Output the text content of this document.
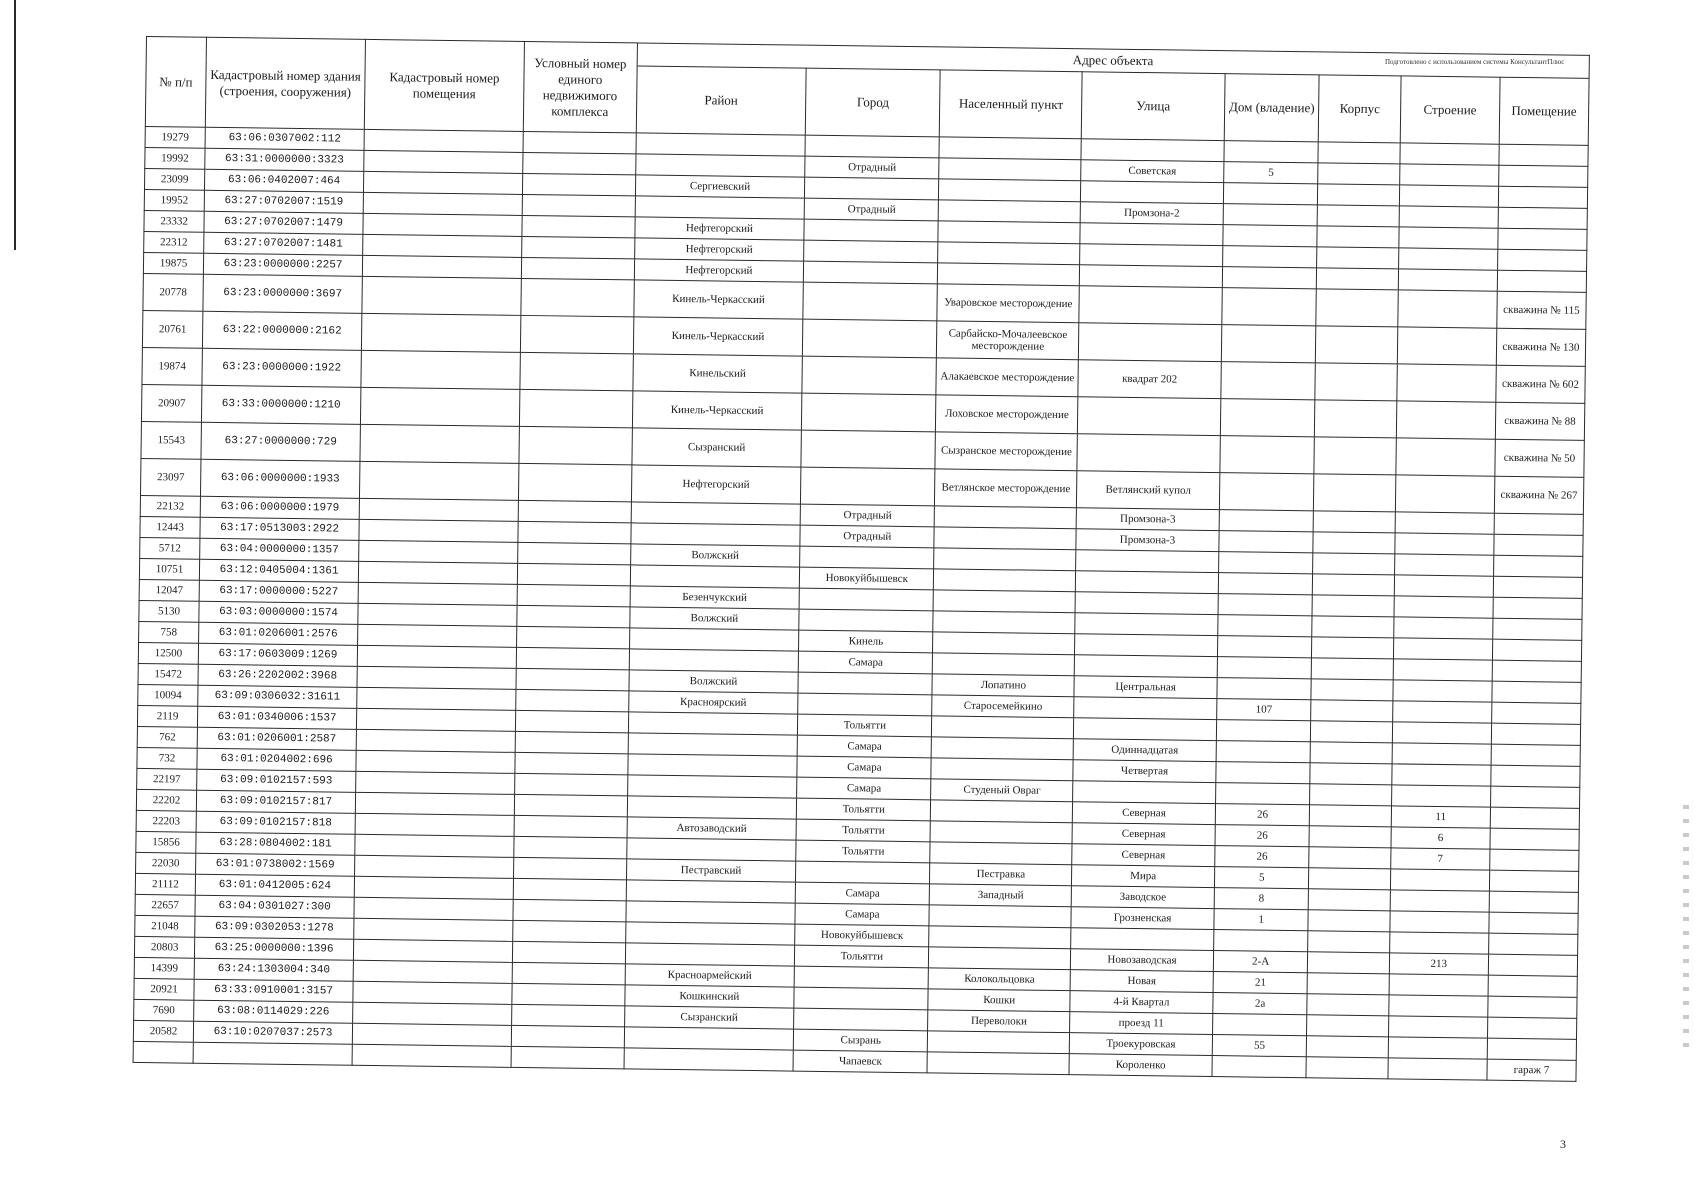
Подготовлено с использованием системы КонсультантПлюс
№ п/п	Кадастровый номер здания (строения, сооружения)	Кадастровый номер помещения	Условный номер единого недвижимого комплекса	Адрес объекта							
				Район	Город	Населенный пункт	Улица	Дом (владение)	Корпус	Строение	Помещение
19279	63:06:0307002:112										
19992	63:31:0000000:3323				Отрадный		Советская	5			
23099	63:06:0402007:464			Сергиевский							
19952	63:27:0702007:1519				Отрадный		Промзона-2				
23332	63:27:0702007:1479			Нефтегорский							
22312	63:27:0702007:1481			Нефтегорский							
19875	63:23:0000000:2257			Нефтегорский							
20778	63:23:0000000:3697			Кинель-Черкасский		Уваровское месторождение					скважина № 115
20761	63:22:0000000:2162			Кинель-Черкасский		Сарбайско-Мочалеевское месторождение					скважина № 130
19874	63:23:0000000:1922			Кинельский		Алакаевское месторождение	квадрат 202				скважина № 602
20907	63:33:0000000:1210			Кинель-Черкасский		Лоховское месторождение					скважина № 88
15543	63:27:0000000:729			Сызранский		Сызранское месторождение					скважина № 50
23097	63:06:0000000:1933			Нефтегорский		Ветлянское месторождение	Ветлянский купол				скважина № 267
22132	63:06:0000000:1979				Отрадный		Промзона-3				
12443	63:17:0513003:2922				Отрадный		Промзона-3				
5712	63:04:0000000:1357			Волжский							
10751	63:12:0405004:1361				Новокуйбышевск						
12047	63:17:0000000:5227			Безенчукский							
5130	63:03:0000000:1574			Волжский							
758	63:01:0206001:2576				Кинель						
12500	63:17:0603009:1269				Самара						
15472	63:26:2202002:3968			Волжский		Лопатино	Центральная				
10094	63:09:0306032:31611			Красноярский		Старосемейкино		107			
2119	63:01:0340006:1537				Тольятти						
762	63:01:0206001:2587				Самара		Одиннадцатая				
732	63:01:0204002:696				Самара		Четвертая				
22197	63:09:0102157:593				Самара	Студеный Овраг					
22202	63:09:0102157:817				Тольятти		Северная	26		11	
22203	63:09:0102157:818			Автозаводский	Тольятти		Северная	26		6	
15856	63:28:0804002:181				Тольятти		Северная	26		7	
22030	63:01:0738002:1569			Пестравский		Пестравка	Мира	5			
21112	63:01:0412005:624				Самара	Западный	Заводское	8			
22657	63:04:0301027:300				Самара		Грозненская	1			
21048	63:09:0302053:1278				Новокуйбышевск						
20803	63:25:0000000:1396				Тольятти		Новозаводская	2-А		213	
14399	63:24:1303004:340			Красноармейский		Колокольцовка	Новая	21			
20921	63:33:0910001:3157			Кошкинский		Кошки	4-й Квартал	2а			
7690	63:08:0114029:226			Сызранский		Переволоки	проезд 11				
20582	63:10:0207037:2573				Сызрань		Троекуровская	55			
					Чапаевск		Короленко				гараж 7
3
